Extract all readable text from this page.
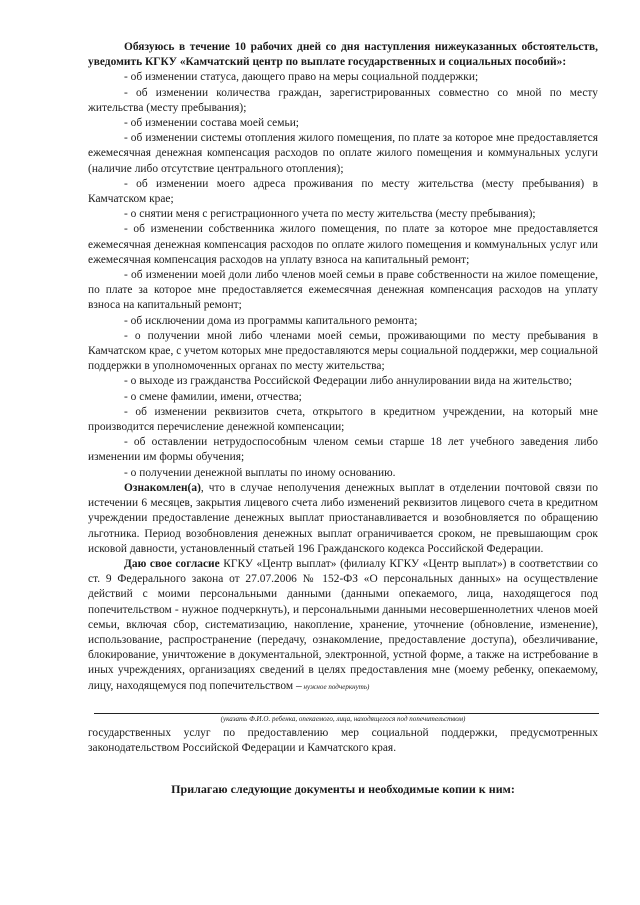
Обязуюсь в течение 10 рабочих дней со дня наступления нижеуказанных обстоятельств, уведомить КГКУ «Камчатский центр по выплате государственных и социальных пособий»:

- об изменении статуса, дающего право на меры социальной поддержки;

- об изменении количества граждан, зарегистрированных совместно со мной по месту жительства (месту пребывания);

- об изменении состава моей семьи;

- об изменении системы отопления жилого помещения, по плате за которое мне предоставляется ежемесячная денежная компенсация расходов по оплате жилого помещения и коммунальных услуги (наличие либо отсутствие центрального отопления);

- об изменении моего адреса проживания по месту жительства (месту пребывания) в Камчатском крае;

- о снятии меня с регистрационного учета по месту жительства (месту пребывания);

- об изменении собственника жилого помещения, по плате за которое мне предоставляется ежемесячная денежная компенсация расходов по оплате жилого помещения и коммунальных услуг или ежемесячная компенсация расходов на уплату взноса на капитальный ремонт;

- об изменении моей доли либо членов моей семьи в праве собственности на жилое помещение, по плате за которое мне предоставляется ежемесячная денежная компенсация расходов на уплату взноса на капитальный ремонт;

- об исключении дома из программы капитального ремонта;

- о получении мной либо членами моей семьи, проживающими по месту пребывания в Камчатском крае, с учетом которых мне предоставляются меры социальной поддержки, мер социальной поддержки в уполномоченных органах по месту жительства;

- о выходе из гражданства Российской Федерации либо аннулировании вида на жительство;

- о смене фамилии, имени, отчества;

- об изменении реквизитов счета, открытого в кредитном учреждении, на который мне производится перечисление денежной компенсации;

- об оставлении нетрудоспособным членом семьи старше 18 лет учебного заведения либо изменении им формы обучения;

- о получении денежной выплаты по иному основанию.

Ознакомлен(а), что в случае неполучения денежных выплат в отделении почтовой связи по истечении 6 месяцев, закрытия лицевого счета либо изменений реквизитов лицевого счета в кредитном учреждении предоставление денежных выплат приостанавливается и возобновляется по обращению льготника. Период возобновления денежных выплат ограничивается сроком, не превышающим срок исковой давности, установленный статьей 196 Гражданского кодекса Российской Федерации.

Даю свое согласие КГКУ «Центр выплат» (филиалу КГКУ «Центр выплат») в соответствии со ст. 9 Федерального закона от 27.07.2006 № 152-ФЗ «О персональных данных» на осуществление действий с моими персональными данными (данными опекаемого, лица, находящегося под попечительством - нужное подчеркнуть), и персональными данными несовершеннолетних членов моей семьи, включая сбор, систематизацию, накопление, хранение, уточнение (обновление, изменение), использование, распространение (передачу, ознакомление, предоставление доступа), обезличивание, блокирование, уничтожение в документальной, электронной, устной форме, а также на истребование в иных учреждениях, организациях сведений в целях предоставления мне (моему ребенку, опекаемому, лицу, находящемуся под попечительством – нужное подчеркнуть)

(указать Ф.И.О. ребенка, опекаемого, лица, находящегося под попечительством)

государственных услуг по предоставлению мер социальной поддержки, предусмотренных законодательством Российской Федерации и Камчатского края.

Прилагаю следующие документы и необходимые копии к ним:
